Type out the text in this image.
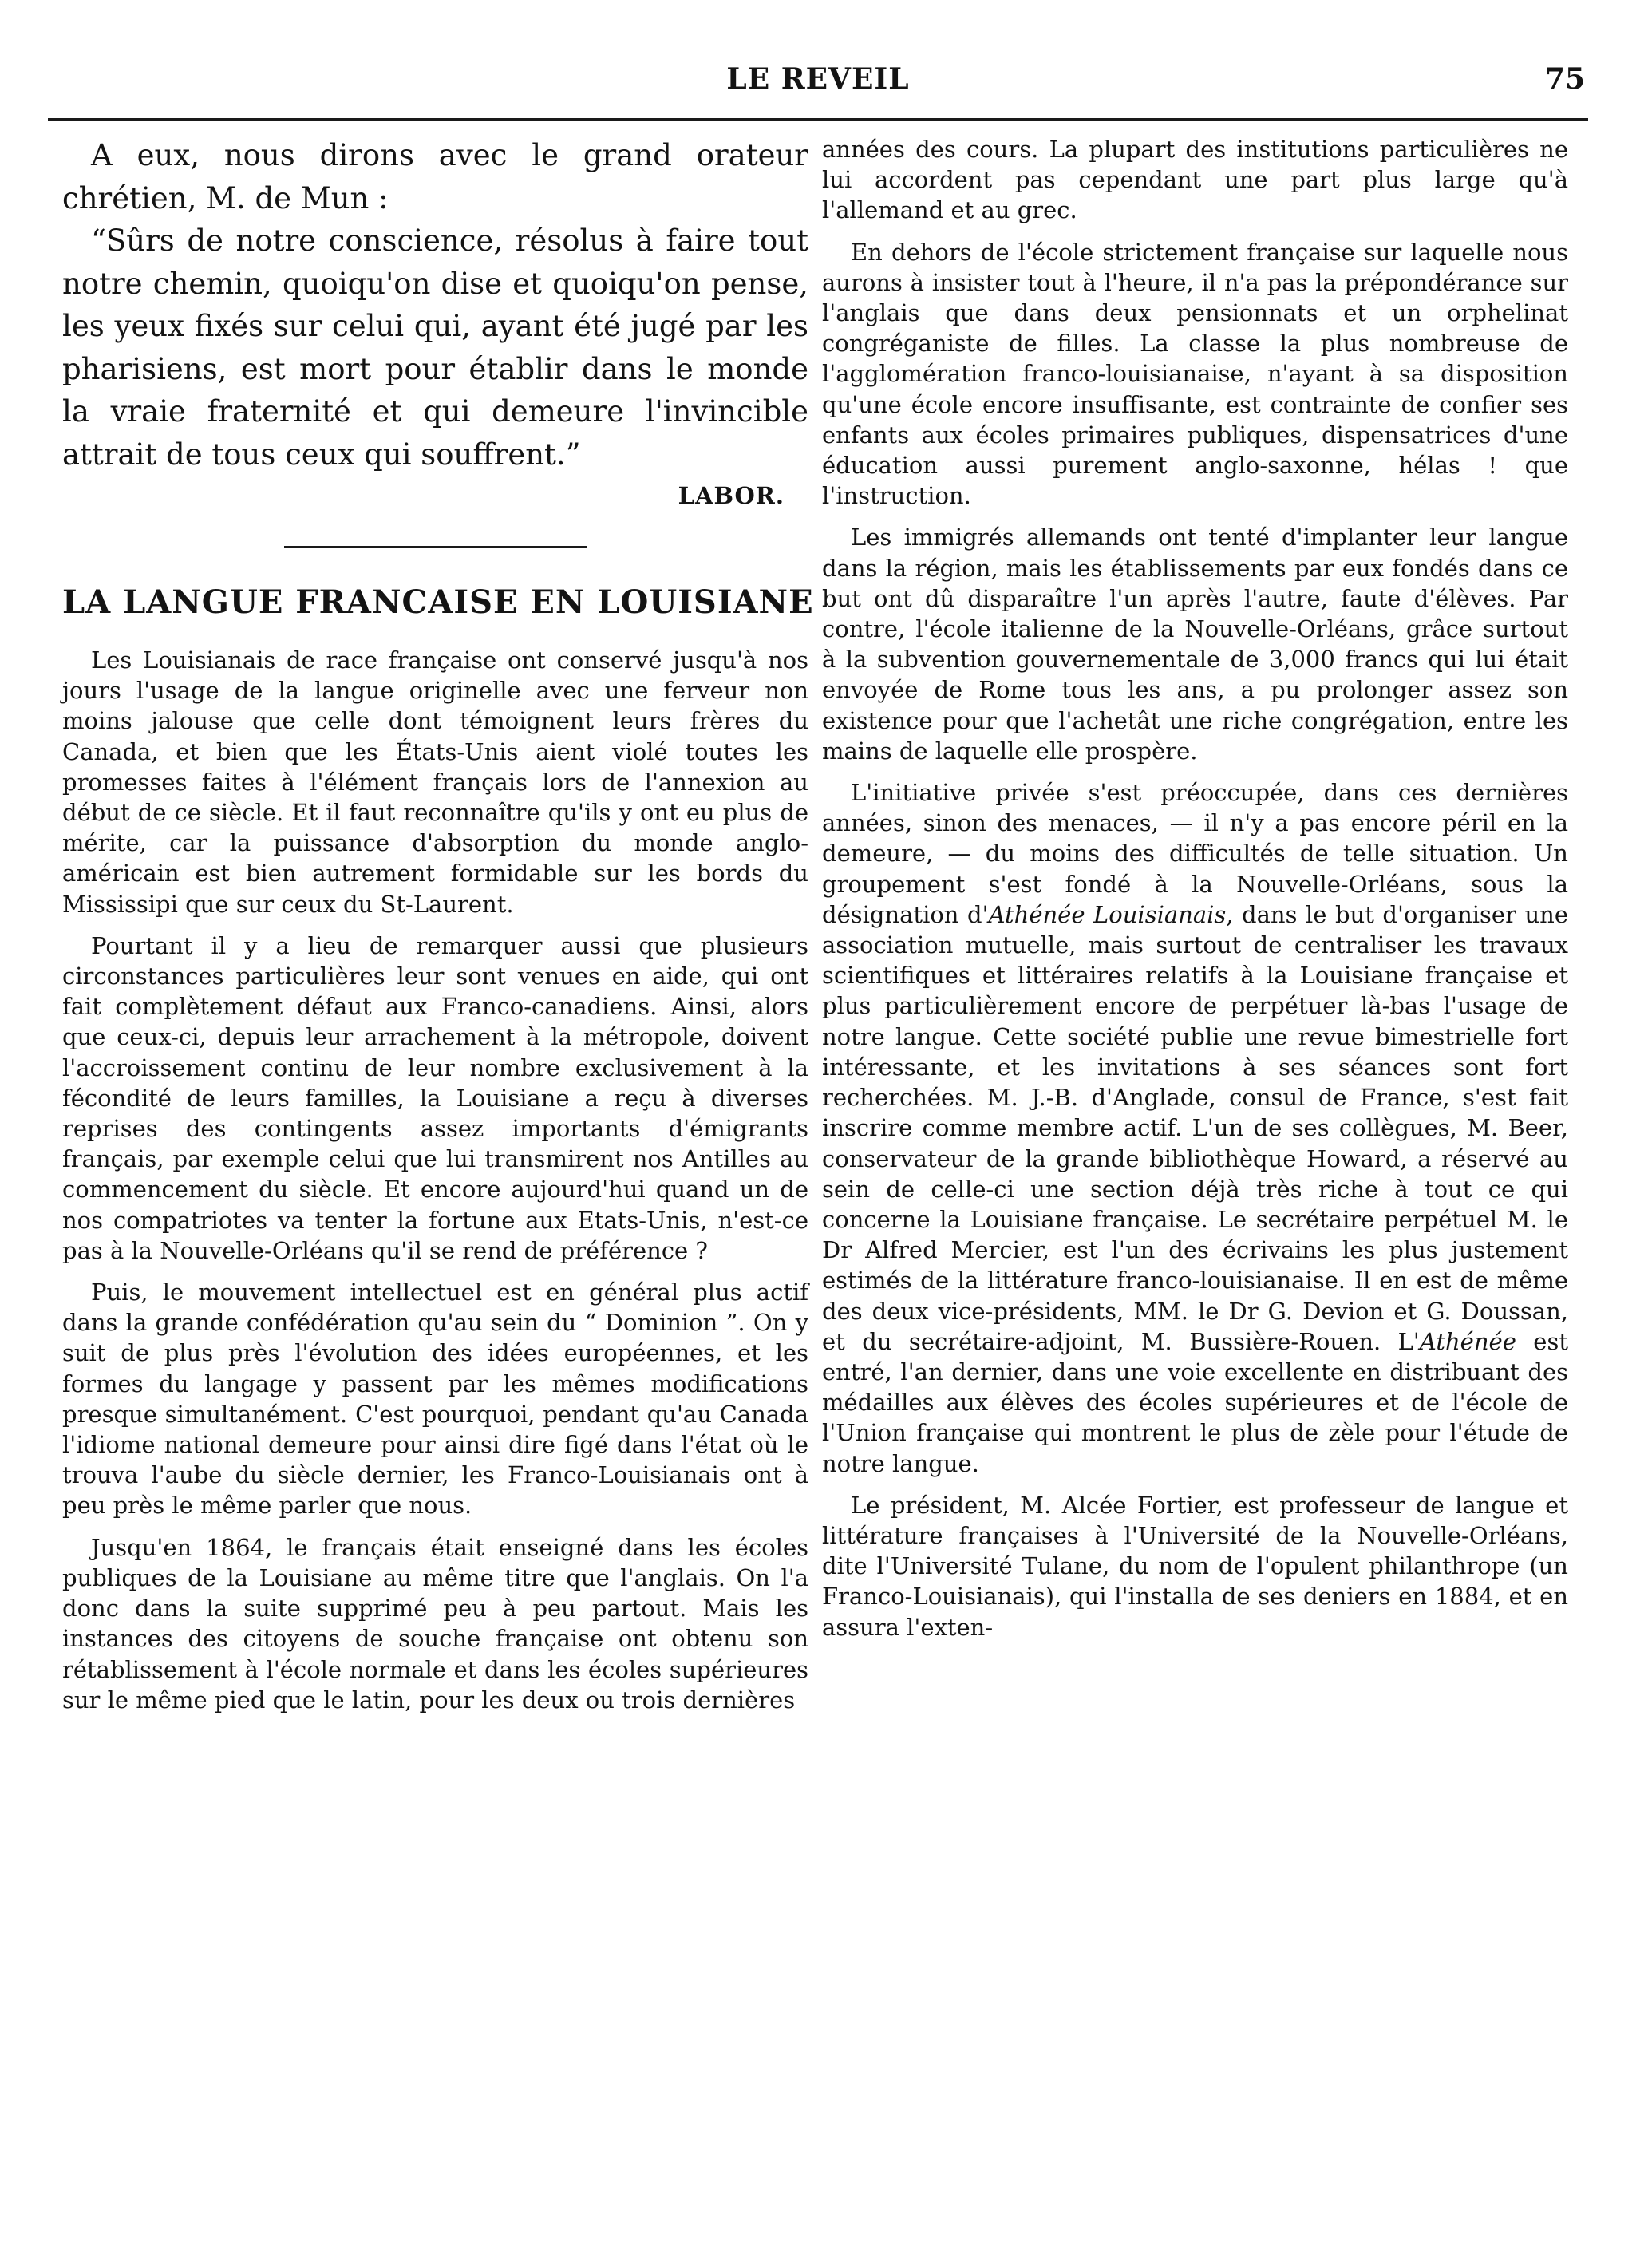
LE REVEIL	75

A eux, nous dirons avec le grand orateur chrétien, M. de Mun :

“Sûrs de notre conscience, résolus à faire tout notre chemin, quoiqu'on dise et quoiqu'on pense, les yeux fixés sur celui qui, ayant été jugé par les pharisiens, est mort pour établir dans le monde la vraie fraternité et qui demeure l'invincible attrait de tous ceux qui souffrent.”

LABOR.
LA LANGUE FRANCAISE EN LOUISIANE

Les Louisianais de race française ont conservé jusqu'à nos jours l'usage de la langue originelle avec une ferveur non moins jalouse que celle dont témoignent leurs frères du Canada, et bien que les États-Unis aient violé toutes les promesses faites à l'élément français lors de l'annexion au début de ce siècle. Et il faut reconnaître qu'ils y ont eu plus de mérite, car la puissance d'absorption du monde anglo-américain est bien autrement formidable sur les bords du Mississipi que sur ceux du St-Laurent.

Pourtant il y a lieu de remarquer aussi que plusieurs circonstances particulières leur sont venues en aide, qui ont fait complètement défaut aux Franco-canadiens. Ainsi, alors que ceux-ci, depuis leur arrachement à la métropole, doivent l'accroissement continu de leur nombre exclusivement à la fécondité de leurs familles, la Louisiane a reçu à diverses reprises des contingents assez importants d'émigrants français, par exemple celui que lui transmirent nos Antilles au commencement du siècle. Et encore aujourd'hui quand un de nos compatriotes va tenter la fortune aux Etats-Unis, n'est-ce pas à la Nouvelle-Orléans qu'il se rend de préférence ?

Puis, le mouvement intellectuel est en général plus actif dans la grande confédération qu'au sein du “ Dominion ”. On y suit de plus près l'évolution des idées européennes, et les formes du langage y passent par les mêmes modifications presque simultanément. C'est pourquoi, pendant qu'au Canada l'idiome national demeure pour ainsi dire figé dans l'état où le trouva l'aube du siècle dernier, les Franco-Louisianais ont à peu près le même parler que nous.

Jusqu'en 1864, le français était enseigné dans les écoles publiques de la Louisiane au même titre que l'anglais. On l'a donc dans la suite supprimé peu à peu partout. Mais les instances des citoyens de souche française ont obtenu son rétablissement à l'école normale et dans les écoles supérieures sur le même pied que le latin, pour les deux ou trois dernières

années des cours. La plupart des institutions particulières ne lui accordent pas cependant une part plus large qu'à l'allemand et au grec.

En dehors de l'école strictement française sur laquelle nous aurons à insister tout à l'heure, il n'a pas la prépondérance sur l'anglais que dans deux pensionnats et un orphelinat congréganiste de filles. La classe la plus nombreuse de l'agglomération franco-louisianaise, n'ayant à sa disposition qu'une école encore insuffisante, est contrainte de confier ses enfants aux écoles primaires publiques, dispensatrices d'une éducation aussi purement anglo-saxonne, hélas ! que l'instruction.

Les immigrés allemands ont tenté d'implanter leur langue dans la région, mais les établissements par eux fondés dans ce but ont dû disparaître l'un après l'autre, faute d'élèves. Par contre, l'école italienne de la Nouvelle-Orléans, grâce surtout à la subvention gouvernementale de 3,000 francs qui lui était envoyée de Rome tous les ans, a pu prolonger assez son existence pour que l'achetât une riche congrégation, entre les mains de laquelle elle prospère.

L'initiative privée s'est préoccupée, dans ces dernières années, sinon des menaces, — il n'y a pas encore péril en la demeure, — du moins des difficultés de telle situation. Un groupement s'est fondé à la Nouvelle-Orléans, sous la désignation d'Athénée Louisianais, dans le but d'organiser une association mutuelle, mais surtout de centraliser les travaux scientifiques et littéraires relatifs à la Louisiane française et plus particulièrement encore de perpétuer là-bas l'usage de notre langue. Cette société publie une revue bimestrielle fort intéressante, et les invitations à ses séances sont fort recherchées. M. J.-B. d'Anglade, consul de France, s'est fait inscrire comme membre actif. L'un de ses collègues, M. Beer, conservateur de la grande bibliothèque Howard, a réservé au sein de celle-ci une section déjà très riche à tout ce qui concerne la Louisiane française. Le secrétaire perpétuel M. le Dr Alfred Mercier, est l'un des écrivains les plus justement estimés de la littérature franco-louisianaise. Il en est de même des deux vice-présidents, MM. le Dr G. Devion et G. Doussan, et du secrétaire-adjoint, M. Bussière-Rouen. L'Athénée est entré, l'an dernier, dans une voie excellente en distribuant des médailles aux élèves des écoles supérieures et de l'école de l'Union française qui montrent le plus de zèle pour l'étude de notre langue.

Le président, M. Alcée Fortier, est professeur de langue et littérature françaises à l'Université de la Nouvelle-Orléans, dite l'Université Tulane, du nom de l'opulent philanthrope (un Franco-Louisianais), qui l'installa de ses deniers en 1884, et en assura l'exten-
